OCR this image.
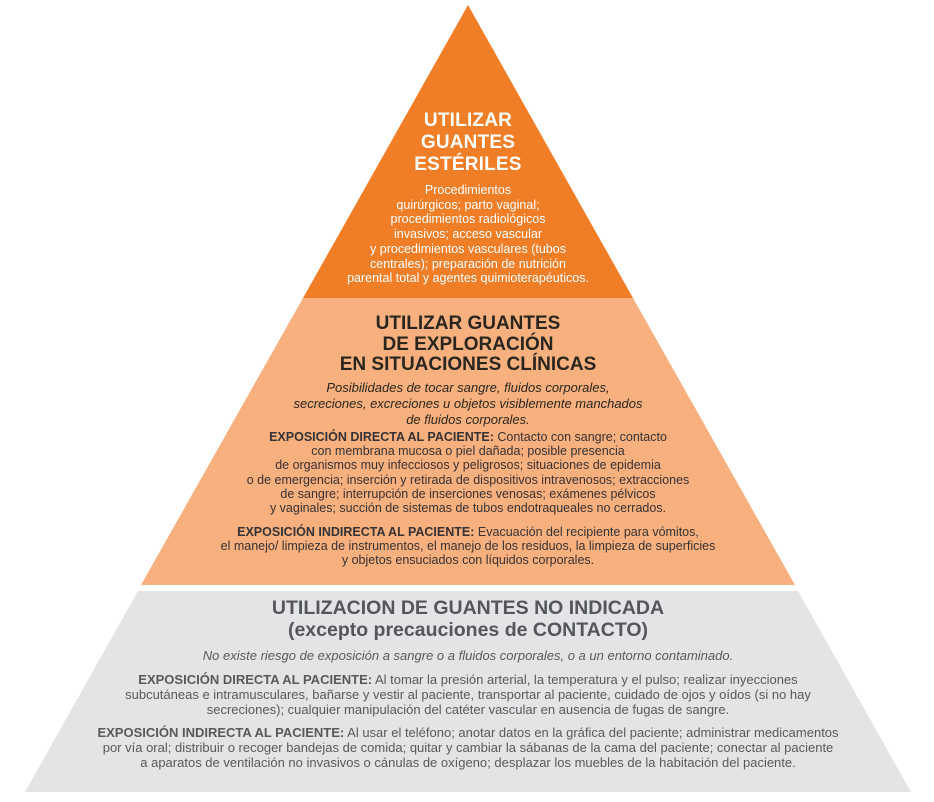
UTILIZAR
GUANTES
ESTÉRILES
Procedimientos
quirúrgicos; parto vaginal;
procedimientos radiológicos
invasivos; acceso vascular
y procedimientos vasculares (tubos
centrales); preparación de nutrición
parental total y agentes quimioterapéuticos.
UTILIZAR GUANTES
DE EXPLORACIÓN
EN SITUACIONES CLÍNICAS
Posibilidades de tocar sangre, fluidos corporales,
secreciones, excreciones u objetos visiblemente manchados
de fluidos corporales.

EXPOSICIÓN DIRECTA AL PACIENTE: Contacto con sangre; contacto
con membrana mucosa o piel dañada; posible presencia
de organismos muy infecciosos y peligrosos; situaciones de epidemia
o de emergencia; inserción y retirada de dispositivos intravenosos; extracciones
de sangre; interrupción de inserciones venosas; exámenes pélvicos
y vaginales; succión de sistemas de tubos endotraqueales no cerrados.

EXPOSICIÓN INDIRECTA AL PACIENTE: Evacuación del recipiente para vómitos,
el manejo/ limpieza de instrumentos, el manejo de los residuos, la limpieza de superficies
y objetos ensuciados con líquidos corporales.

UTILIZACION DE GUANTES NO INDICADA
(excepto precauciones de CONTACTO)
No existe riesgo de exposición a sangre o a fluidos corporales, o a un entorno contaminado.

EXPOSICIÓN DIRECTA AL PACIENTE: Al tomar la presión arterial, la temperatura y el pulso; realizar inyecciones
subcutáneas e intramusculares, bañarse y vestir al paciente, transportar al paciente, cuidado de ojos y oídos (si no hay
secreciones); cualquier manipulación del catéter vascular en ausencia de fugas de sangre.

EXPOSICIÓN INDIRECTA AL PACIENTE: Al usar el teléfono; anotar datos en la gráfica del paciente; administrar medicamentos
por vía oral; distribuir o recoger bandejas de comida; quitar y cambiar la sábanas de la cama del paciente; conectar al paciente
a aparatos de ventilación no invasivos o cánulas de oxígeno; desplazar los muebles de la habitación del paciente.
